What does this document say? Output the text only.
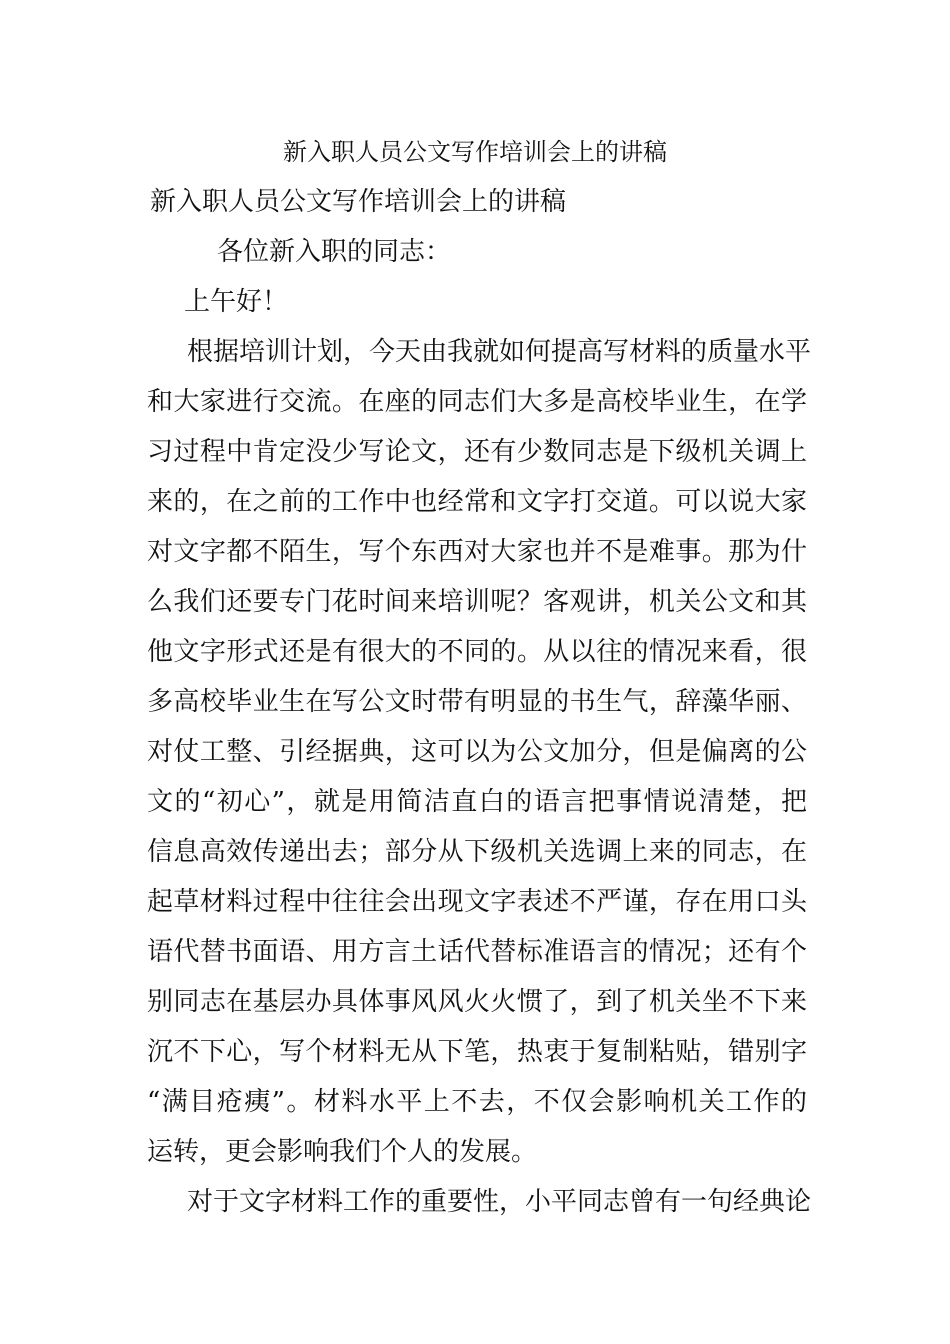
新入职人员公文写作培训会上的讲稿
新入职人员公文写作培训会上的讲稿
各位新入职的同志：
上午好！
根据培训计划，今天由我就如何提高写材料的质量水平
和大家进行交流。在座的同志们大多是高校毕业生，在学
习过程中肯定没少写论文，还有少数同志是下级机关调上
来的，在之前的工作中也经常和文字打交道。可以说大家
对文字都不陌生，写个东西对大家也并不是难事。那为什
么我们还要专门花时间来培训呢？客观讲，机关公文和其
他文字形式还是有很大的不同的。从以往的情况来看，很
多高校毕业生在写公文时带有明显的书生气，辞藻华丽、
对仗工整、引经据典，这可以为公文加分，但是偏离的公
文的“初心”，就是用简洁直白的语言把事情说清楚，把
信息高效传递出去；部分从下级机关选调上来的同志，在
起草材料过程中往往会出现文字表述不严谨，存在用口头
语代替书面语、用方言土话代替标准语言的情况；还有个
别同志在基层办具体事风风火火惯了，到了机关坐不下来
沉不下心，写个材料无从下笔，热衷于复制粘贴，错别字
“满目疮痍”。材料水平上不去，不仅会影响机关工作的
运转，更会影响我们个人的发展。
对于文字材料工作的重要性，小平同志曾有一句经典论
